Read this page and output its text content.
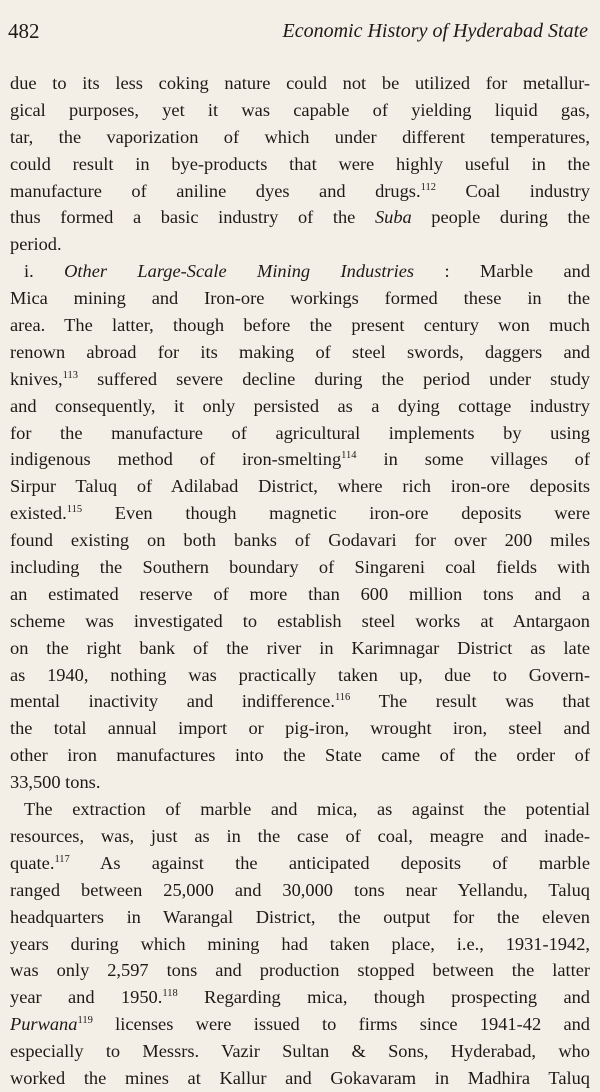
482	Economic History of Hyderabad State
due to its less coking nature could not be utilized for metallur-
gical purposes, yet it was capable of yielding liquid gas,
tar, the vaporization of which under different temperatures,
could result in bye-products that were highly useful in the
manufacture of aniline dyes and drugs.$^{112}$ Coal industry
thus formed a basic industry of the Suba people during the
period.
i. Other Large-Scale Mining Industries : Marble and
Mica mining and Iron-ore workings formed these in the
area. The latter, though before the present century won much
renown abroad for its making of steel swords, daggers and
knives,$^{113}$ suffered severe decline during the period under study
and consequently, it only persisted as a dying cottage industry
for the manufacture of agricultural implements by using
indigenous method of iron-smelting$^{114}$ in some villages of
Sirpur Taluq of Adilabad District, where rich iron-ore deposits
existed.$^{115}$ Even though magnetic iron-ore deposits were
found existing on both banks of Godavari for over 200 miles
including the Southern boundary of Singareni coal fields with
an estimated reserve of more than 600 million tons and a
scheme was investigated to establish steel works at Antargaon
on the right bank of the river in Karimnagar District as late
as 1940, nothing was practically taken up, due to Govern-
mental inactivity and indifference.$^{116}$ The result was that
the total annual import or pig-iron, wrought iron, steel and
other iron manufactures into the State came of the order of
33,500 tons.
The extraction of marble and mica, as against the potential
resources, was, just as in the case of coal, meagre and inade-
quate.$^{117}$ As against the anticipated deposits of marble
ranged between 25,000 and 30,000 tons near Yellandu, Taluq
headquarters in Warangal District, the output for the eleven
years during which mining had taken place, i.e., 1931-1942,
was only 2,597 tons and production stopped between the latter
year and 1950.$^{118}$ Regarding mica, though prospecting and
Purwana$^{119}$ licenses were issued to firms since 1941-42 and
especially to Messrs. Vazir Sultan & Sons, Hyderabad, who
worked the mines at Kallur and Gokavaram in Madhira Taluq
